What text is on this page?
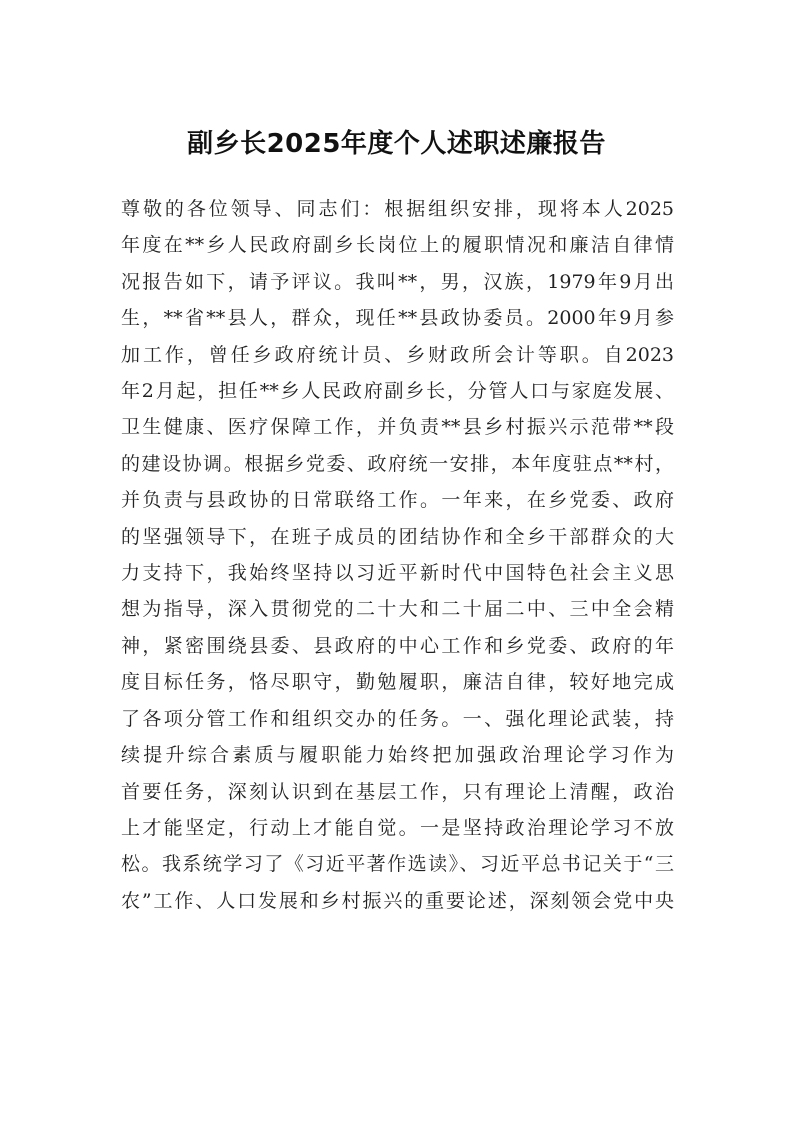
副乡长2025年度个人述职述廉报告
尊敬的各位领导、同志们：根据组织安排，现将本人2025
年度在**乡人民政府副乡长岗位上的履职情况和廉洁自律情
况报告如下，请予评议。我叫**，男，汉族，1979年9月出
生，**省**县人，群众，现任**县政协委员。2000年9月参
加工作，曾任乡政府统计员、乡财政所会计等职。自2023
年2月起，担任**乡人民政府副乡长，分管人口与家庭发展、
卫生健康、医疗保障工作，并负责**县乡村振兴示范带**段
的建设协调。根据乡党委、政府统一安排，本年度驻点**村，
并负责与县政协的日常联络工作。一年来，在乡党委、政府
的坚强领导下，在班子成员的团结协作和全乡干部群众的大
力支持下，我始终坚持以习近平新时代中国特色社会主义思
想为指导，深入贯彻党的二十大和二十届二中、三中全会精
神，紧密围绕县委、县政府的中心工作和乡党委、政府的年
度目标任务，恪尽职守，勤勉履职，廉洁自律，较好地完成
了各项分管工作和组织交办的任务。一、强化理论武装，持
续提升综合素质与履职能力始终把加强政治理论学习作为
首要任务，深刻认识到在基层工作，只有理论上清醒，政治
上才能坚定，行动上才能自觉。一是坚持政治理论学习不放
松。我系统学习了《习近平著作选读》、习近平总书记关于“三
农”工作、人口发展和乡村振兴的重要论述，深刻领会党中央
